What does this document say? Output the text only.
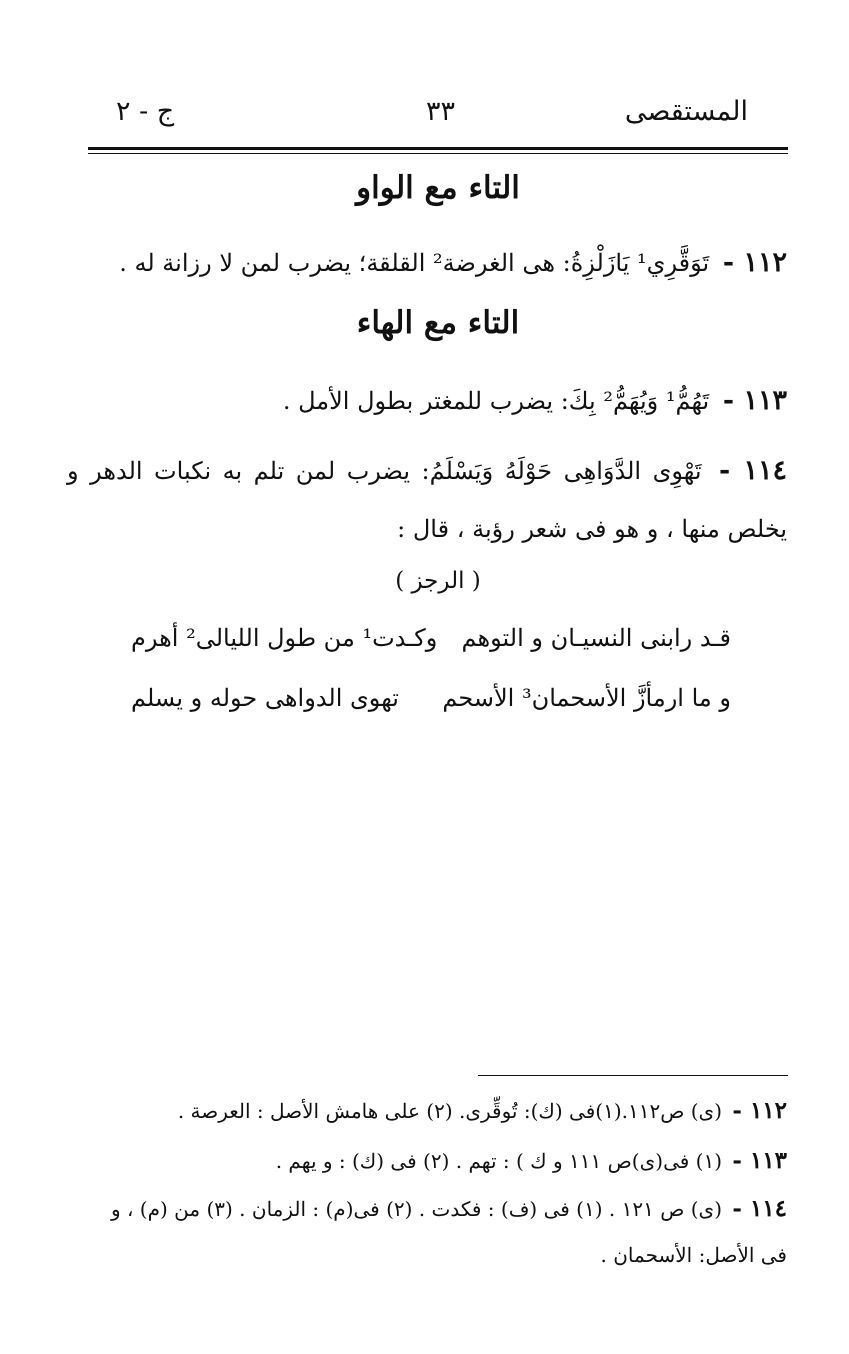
المستقصى
٣٣
ج - ٢
التاء مع الواو
١١٢ - تَوَقَّرِي¹ يَازَلْزِةُ: هى الغرضة² القلقة؛ يضرب لمن لا رزانة له .
التاء مع الهاء
١١٣ - تَهُمُّ¹ وَيُهَمُّ² بِكَ: يضرب للمغتر بطول الأمل .
١١٤ - تَهْوِى الدَّوَاهِى حَوْلَهُ وَيَسْلَمُ: يضرب لمن تلم به نكبات الدهر و يخلص منها ، و هو فى شعر رؤبة ، قال :
( الرجز )
قـد رابنى النسيـان و التوهم
وكـدت¹ من طول الليالى² أهرم
و ما ارمأزَّ الأسحمان³ الأسحم
تهوى الدواهى حوله و يسلم
١١٢ - (ى) ص١١٢.(١)فى (ك): تُوقِّرى. (٢) على هامش الأصل : العرصة .
١١٣ - (١) فى(ى)ص ١١١ و ك ) : تهم . (٢) فى (ك) : و يهم .
١١٤ - (ى) ص ١٢١ . (١) فى (ف) : فكدت . (٢) فى(م) : الزمان . (٣) من (م) ، و فى الأصل: الأسحمان .
